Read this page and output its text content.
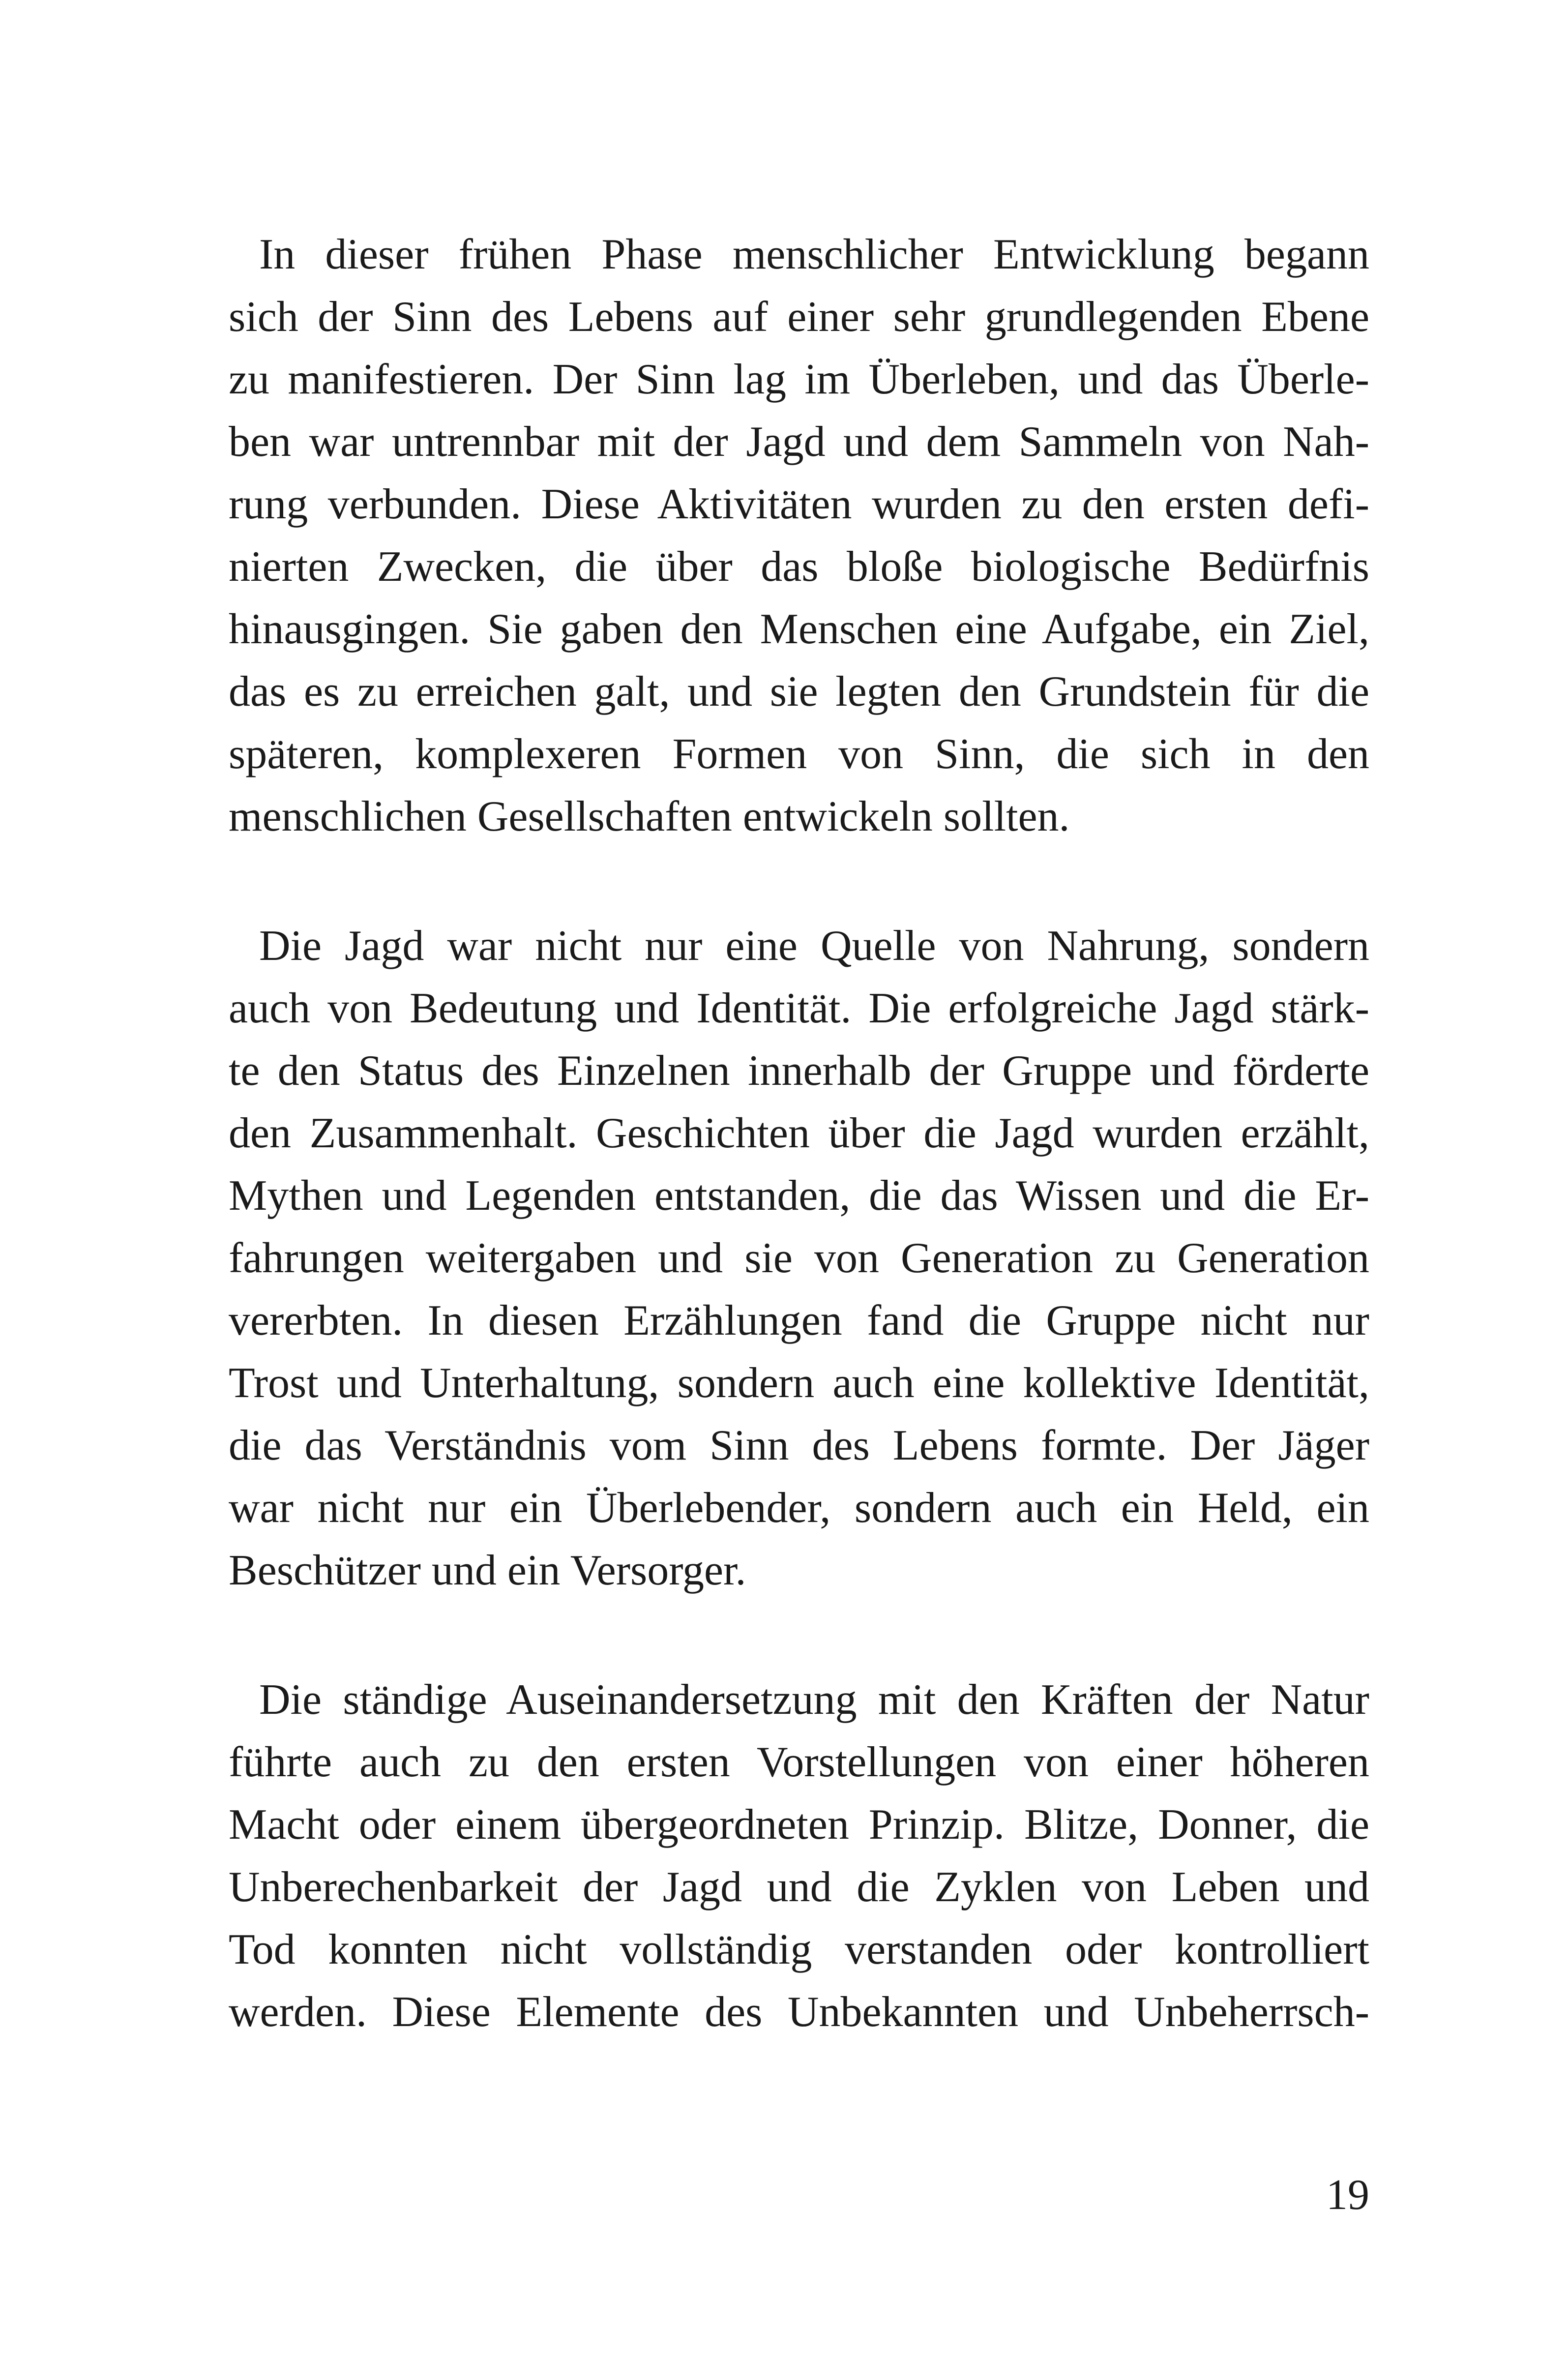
In dieser frühen Phase menschlicher Entwicklung begann
sich der Sinn des Lebens auf einer sehr grundlegenden Ebene
zu manifestieren. Der Sinn lag im Überleben, und das Überle-
ben war untrennbar mit der Jagd und dem Sammeln von Nah-
rung verbunden. Diese Aktivitäten wurden zu den ersten defi-
nierten Zwecken, die über das bloße biologische Bedürfnis
hinausgingen. Sie gaben den Menschen eine Aufgabe, ein Ziel,
das es zu erreichen galt, und sie legten den Grundstein für die
späteren, komplexeren Formen von Sinn, die sich in den
menschlichen Gesellschaften entwickeln sollten.
Die Jagd war nicht nur eine Quelle von Nahrung, sondern
auch von Bedeutung und Identität. Die erfolgreiche Jagd stärk-
te den Status des Einzelnen innerhalb der Gruppe und förderte
den Zusammenhalt. Geschichten über die Jagd wurden erzählt,
Mythen und Legenden entstanden, die das Wissen und die Er-
fahrungen weitergaben und sie von Generation zu Generation
vererbten. In diesen Erzählungen fand die Gruppe nicht nur
Trost und Unterhaltung, sondern auch eine kollektive Identität,
die das Verständnis vom Sinn des Lebens formte. Der Jäger
war nicht nur ein Überlebender, sondern auch ein Held, ein
Beschützer und ein Versorger.
Die ständige Auseinandersetzung mit den Kräften der Natur
führte auch zu den ersten Vorstellungen von einer höheren
Macht oder einem übergeordneten Prinzip. Blitze, Donner, die
Unberechenbarkeit der Jagd und die Zyklen von Leben und
Tod konnten nicht vollständig verstanden oder kontrolliert
werden. Diese Elemente des Unbekannten und Unbeherrsch-
19
